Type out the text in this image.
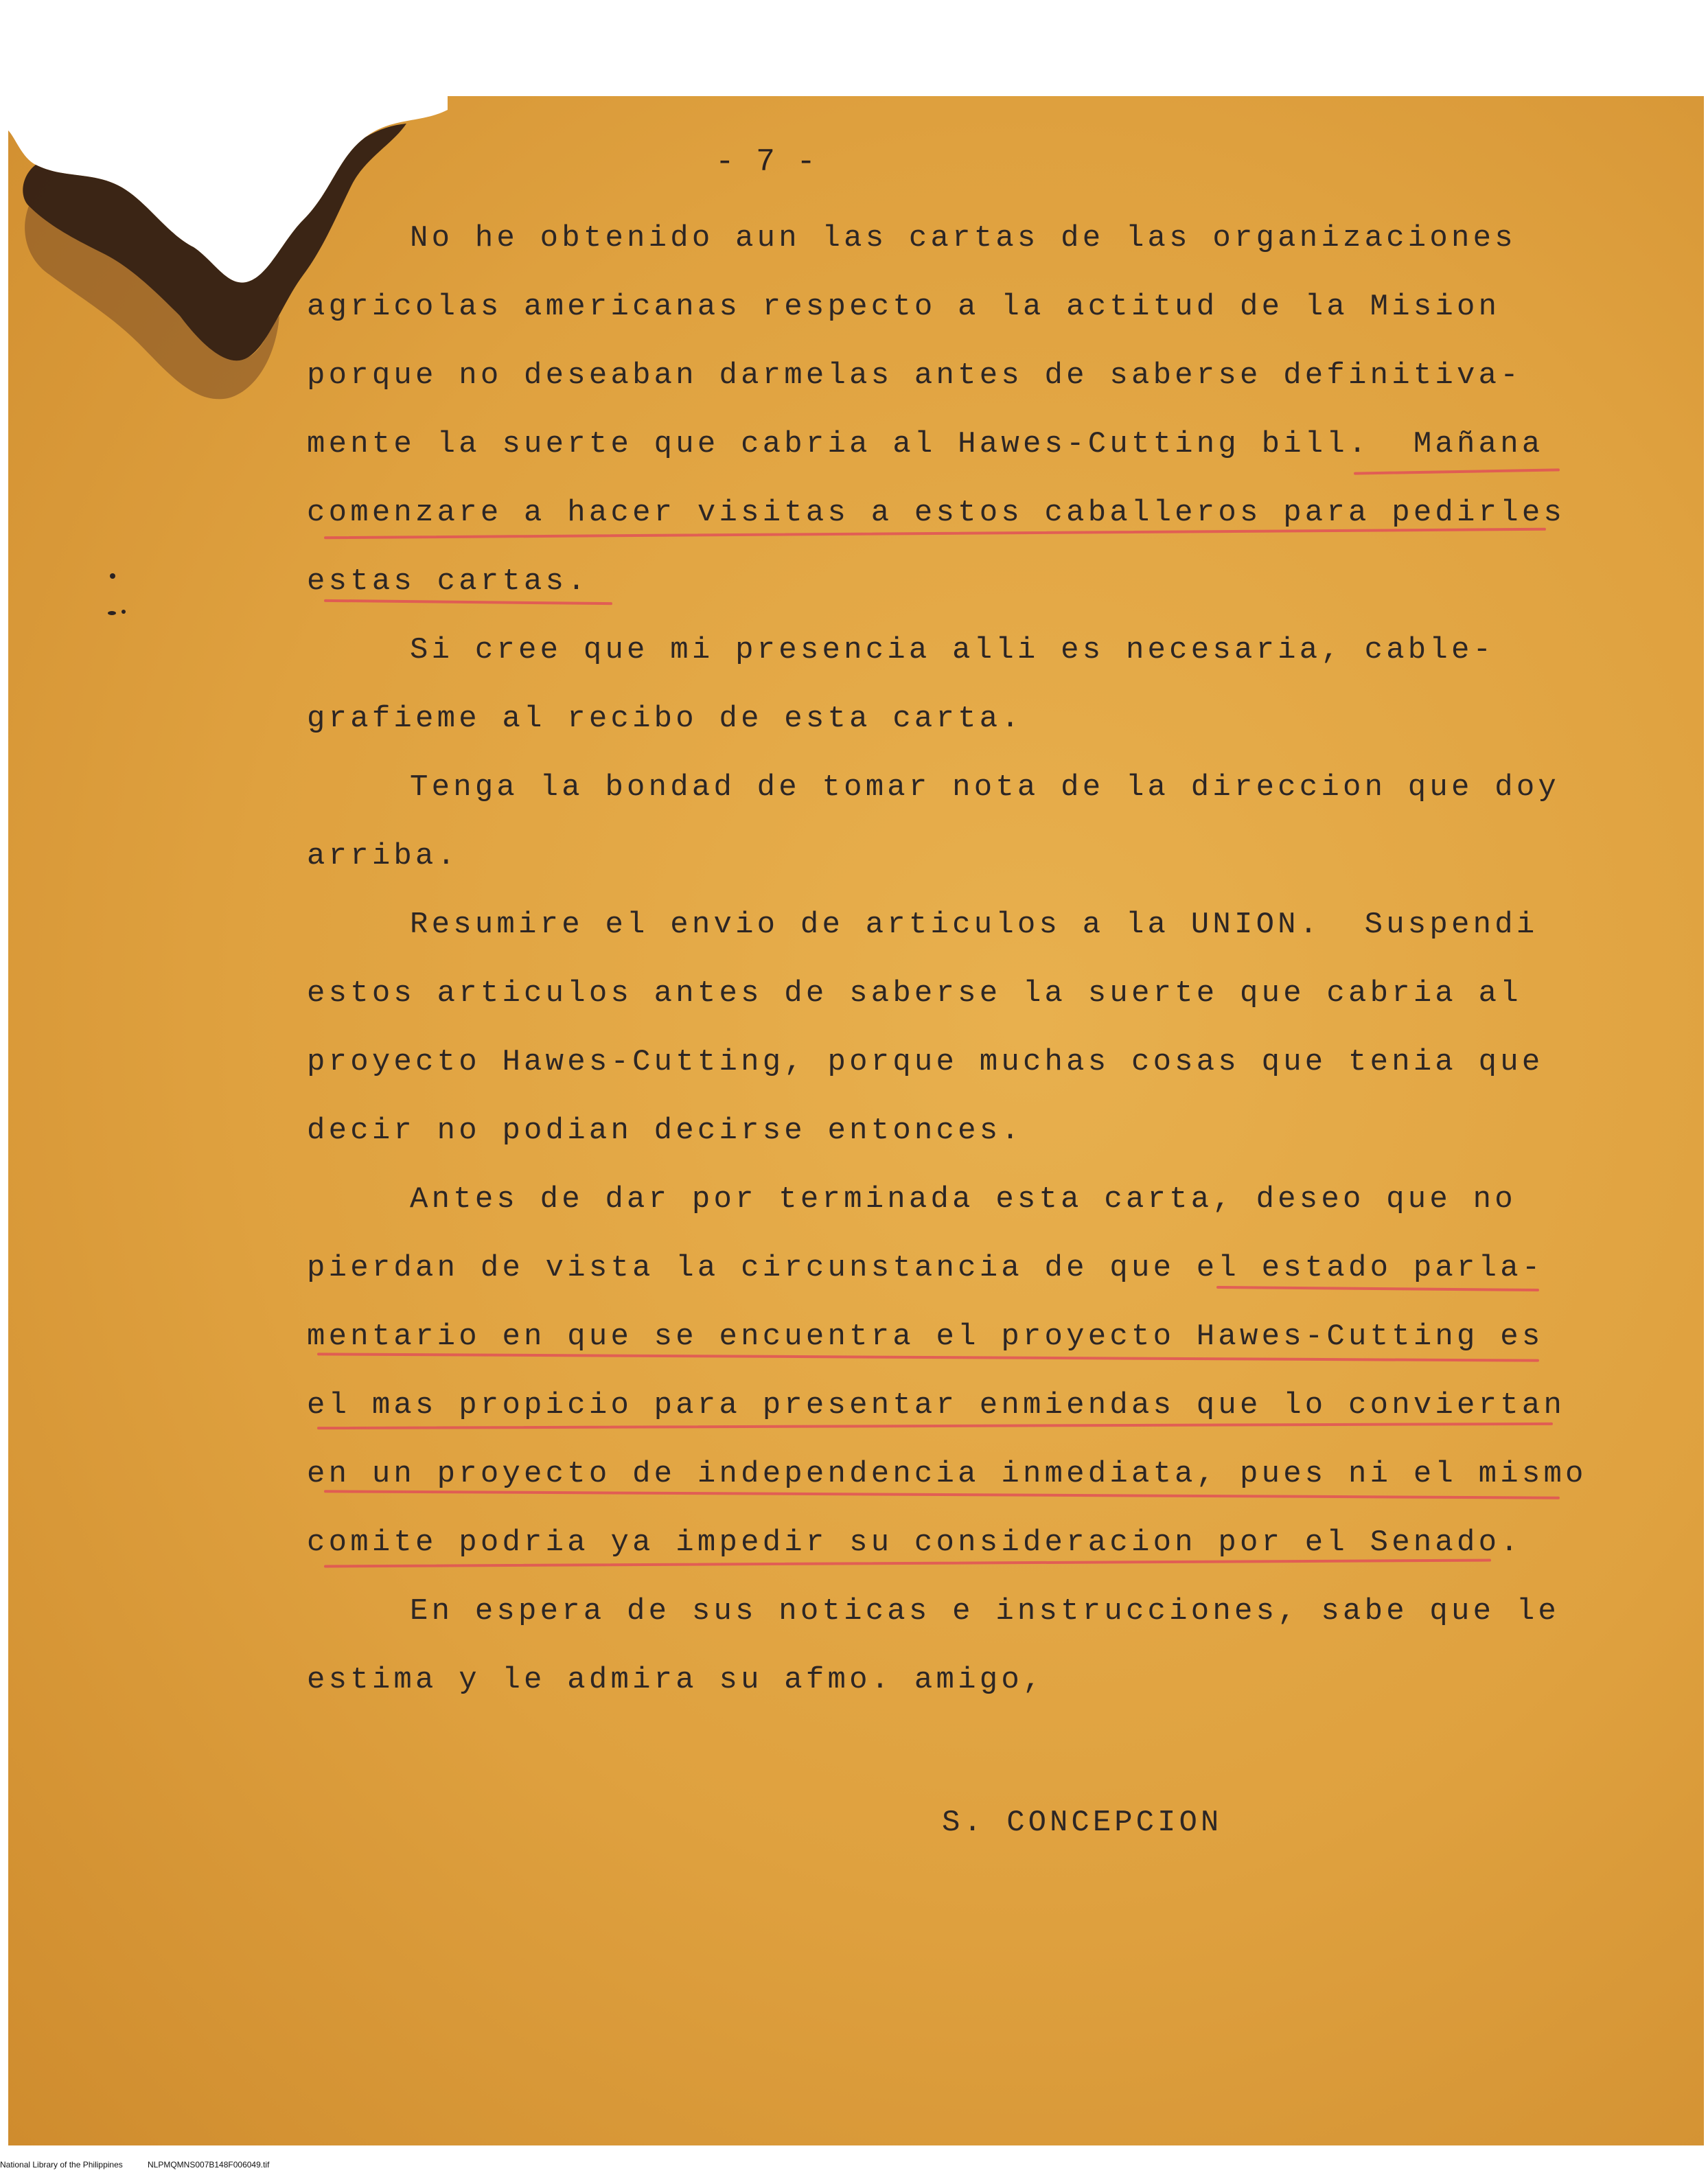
- 7 -
No he obtenido aun las cartas de las organizaciones
agricolas americanas respecto a la actitud de la Mision
porque no deseaban darmelas antes de saberse definitiva-
mente la suerte que cabria al Hawes-Cutting bill.  Mañana
comenzare a hacer visitas a estos caballeros para pedirles
estas cartas.
Si cree que mi presencia alli es necesaria, cable-
grafieme al recibo de esta carta.
Tenga la bondad de tomar nota de la direccion que doy
arriba.
Resumire el envio de articulos a la UNION.  Suspendi
estos articulos antes de saberse la suerte que cabria al
proyecto Hawes-Cutting, porque muchas cosas que tenia que
decir no podian decirse entonces.
Antes de dar por terminada esta carta, deseo que no
pierdan de vista la circunstancia de que el estado parla-
mentario en que se encuentra el proyecto Hawes-Cutting es
el mas propicio para presentar enmiendas que lo conviertan
en un proyecto de independencia inmediata, pues ni el mismo
comite podria ya impedir su consideracion por el Senado.
En espera de sus noticas e instrucciones, sabe que le
estima y le admira su afmo. amigo,
S. CONCEPCION
National Library of the Philippines	NLPMQMNS007B148F006049.tif
